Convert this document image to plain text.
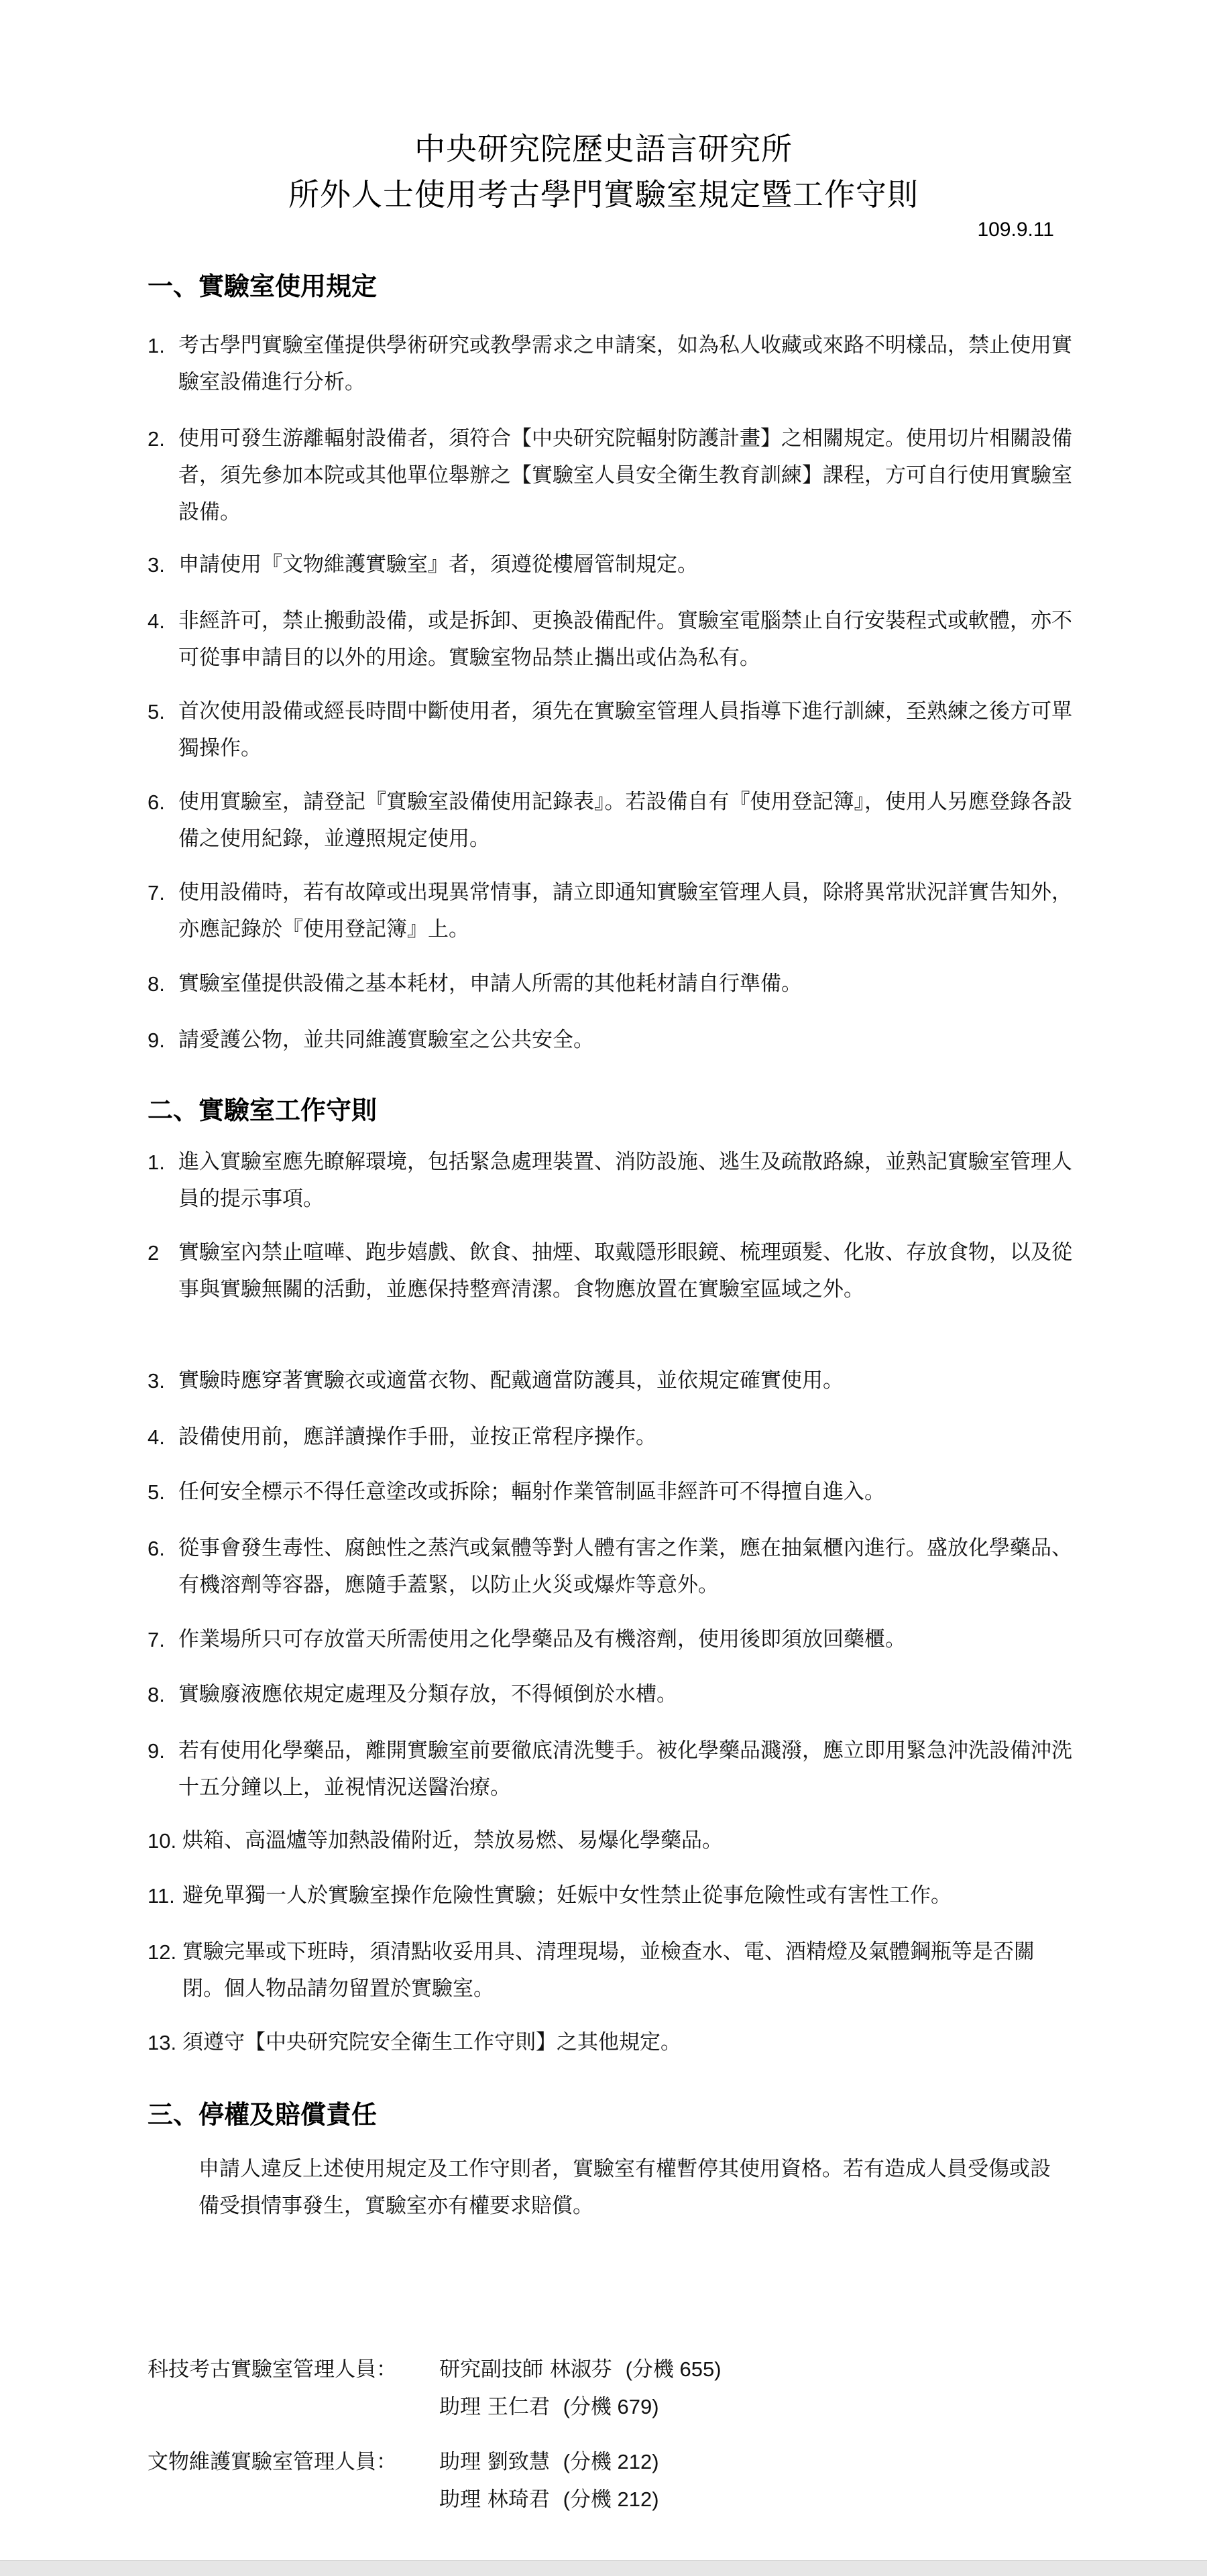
中央研究院歷史語言研究所
所外人士使用考古學門實驗室規定暨工作守則
109.9.11
一、實驗室使用規定
1. 考古學門實驗室僅提供學術研究或教學需求之申請案，如為私人收藏或來路不明樣品，禁止使用實驗室設備進行分析。
2. 使用可發生游離輻射設備者，須符合【中央研究院輻射防護計畫】之相關規定。使用切片相關設備者，須先參加本院或其他單位舉辦之【實驗室人員安全衛生教育訓練】課程，方可自行使用實驗室設備。
3. 申請使用『文物維護實驗室』者，須遵從樓層管制規定。
4. 非經許可，禁止搬動設備，或是拆卸、更換設備配件。實驗室電腦禁止自行安裝程式或軟體，亦不可從事申請目的以外的用途。實驗室物品禁止攜出或佔為私有。
5. 首次使用設備或經長時間中斷使用者，須先在實驗室管理人員指導下進行訓練，至熟練之後方可單獨操作。
6. 使用實驗室，請登記『實驗室設備使用記錄表』。若設備自有『使用登記簿』，使用人另應登錄各設備之使用紀錄，並遵照規定使用。
7. 使用設備時，若有故障或出現異常情事，請立即通知實驗室管理人員，除將異常狀況詳實告知外，亦應記錄於『使用登記簿』上。
8. 實驗室僅提供設備之基本耗材，申請人所需的其他耗材請自行準備。
9. 請愛護公物，並共同維護實驗室之公共安全。
二、實驗室工作守則
1. 進入實驗室應先瞭解環境，包括緊急處理裝置、消防設施、逃生及疏散路線，並熟記實驗室管理人員的提示事項。
2 實驗室內禁止喧嘩、跑步嬉戲、飲食、抽煙、取戴隱形眼鏡、梳理頭髮、化妝、存放食物，以及從事與實驗無關的活動，並應保持整齊清潔。食物應放置在實驗室區域之外。
3. 實驗時應穿著實驗衣或適當衣物、配戴適當防護具，並依規定確實使用。
4. 設備使用前，應詳讀操作手冊，並按正常程序操作。
5. 任何安全標示不得任意塗改或拆除；輻射作業管制區非經許可不得擅自進入。
6. 從事會發生毒性、腐蝕性之蒸汽或氣體等對人體有害之作業，應在抽氣櫃內進行。盛放化學藥品、有機溶劑等容器，應隨手蓋緊，以防止火災或爆炸等意外。
7. 作業場所只可存放當天所需使用之化學藥品及有機溶劑，使用後即須放回藥櫃。
8. 實驗廢液應依規定處理及分類存放，不得傾倒於水槽。
9. 若有使用化學藥品，離開實驗室前要徹底清洗雙手。被化學藥品濺潑，應立即用緊急沖洗設備沖洗十五分鐘以上，並視情況送醫治療。
10. 烘箱、高溫爐等加熱設備附近，禁放易燃、易爆化學藥品。
11. 避免單獨一人於實驗室操作危險性實驗；妊娠中女性禁止從事危險性或有害性工作。
12. 實驗完畢或下班時，須清點收妥用具、清理現場，並檢查水、電、酒精燈及氣體鋼瓶等是否關閉。個人物品請勿留置於實驗室。
13. 須遵守【中央研究院安全衛生工作守則】之其他規定。
三、停權及賠償責任
申請人違反上述使用規定及工作守則者，實驗室有權暫停其使用資格。若有造成人員受傷或設備受損情事發生，實驗室亦有權要求賠償。
科技考古實驗室管理人員： 研究副技師 林淑芬 (分機 655)
助理 王仁君 (分機 679)
文物維護實驗室管理人員： 助理 劉致慧 (分機 212)
助理 林琦君 (分機 212)
